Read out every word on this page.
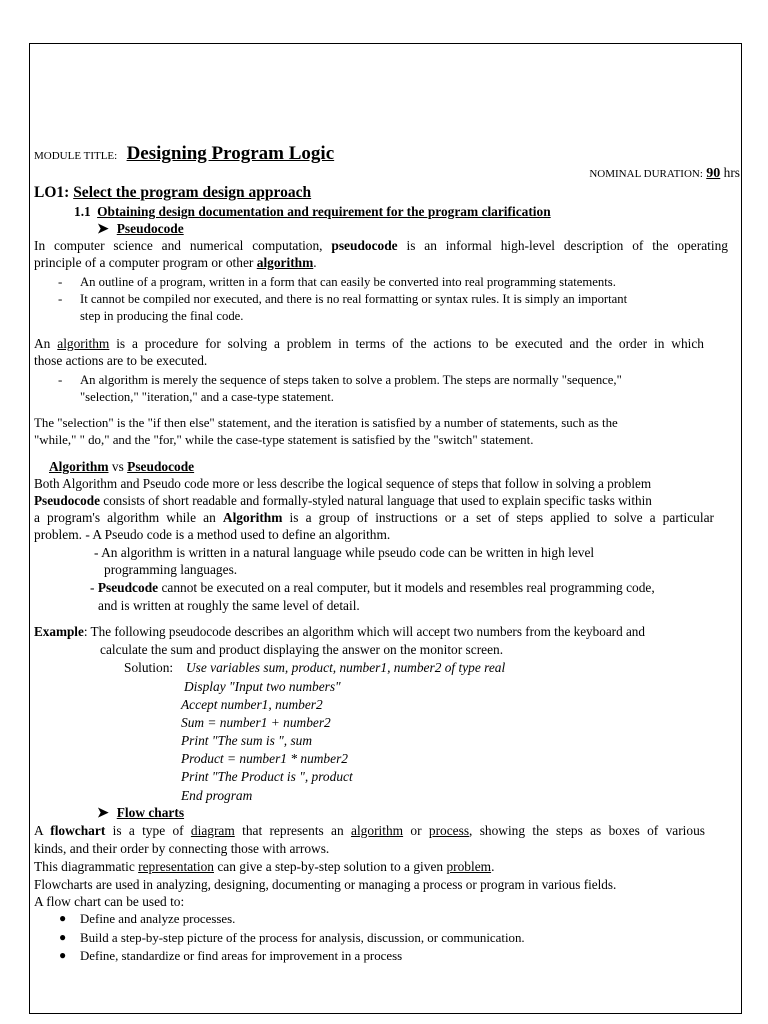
MODULE TITLE: Designing Program Logic
NOMINAL DURATION: 90 hrs
LO1: Select the program design approach
1.1 Obtaining design documentation and requirement for the program clarification
➤ Pseudocode
In computer science and numerical computation, pseudocode is an informal high-level description of the operating
principle of a computer program or other algorithm.
- An outline of a program, written in a form that can easily be converted into real programming statements.
- It cannot be compiled nor executed, and there is no real formatting or syntax rules. It is simply an important
step in producing the final code.
An algorithm is a procedure for solving a problem in terms of the actions to be executed and the order in which
those actions are to be executed.
- An algorithm is merely the sequence of steps taken to solve a problem. The steps are normally "sequence,"
"selection," "iteration," and a case-type statement.
The "selection" is the "if then else" statement, and the iteration is satisfied by a number of statements, such as the
"while," " do," and the "for," while the case-type statement is satisfied by the "switch" statement.
Algorithm vs Pseudocode
Both Algorithm and Pseudo code more or less describe the logical sequence of steps that follow in solving a problem
Pseudocode consists of short readable and formally-styled natural language that used to explain specific tasks within
a program's algorithm while an Algorithm is a group of instructions or a set of steps applied to solve a particular
problem. - A Pseudo code is a method used to define an algorithm.
- An algorithm is written in a natural language while pseudo code can be written in high level
programming languages.
- Pseudcode cannot be executed on a real computer, but it models and resembles real programming code,
and is written at roughly the same level of detail.
Example: The following pseudocode describes an algorithm which will accept two numbers from the keyboard and
calculate the sum and product displaying the answer on the monitor screen.
Solution: Use variables sum, product, number1, number2 of type real
Display "Input two numbers"
Accept number1, number2
Sum = number1 + number2
Print "The sum is ", sum
Product = number1 * number2
Print "The Product is ", product
End program
➤ Flow charts
A flowchart is a type of diagram that represents an algorithm or process, showing the steps as boxes of various
kinds, and their order by connecting those with arrows.
This diagrammatic representation can give a step-by-step solution to a given problem.
Flowcharts are used in analyzing, designing, documenting or managing a process or program in various fields.
A flow chart can be used to:
● Define and analyze processes.
● Build a step-by-step picture of the process for analysis, discussion, or communication.
● Define, standardize or find areas for improvement in a process
